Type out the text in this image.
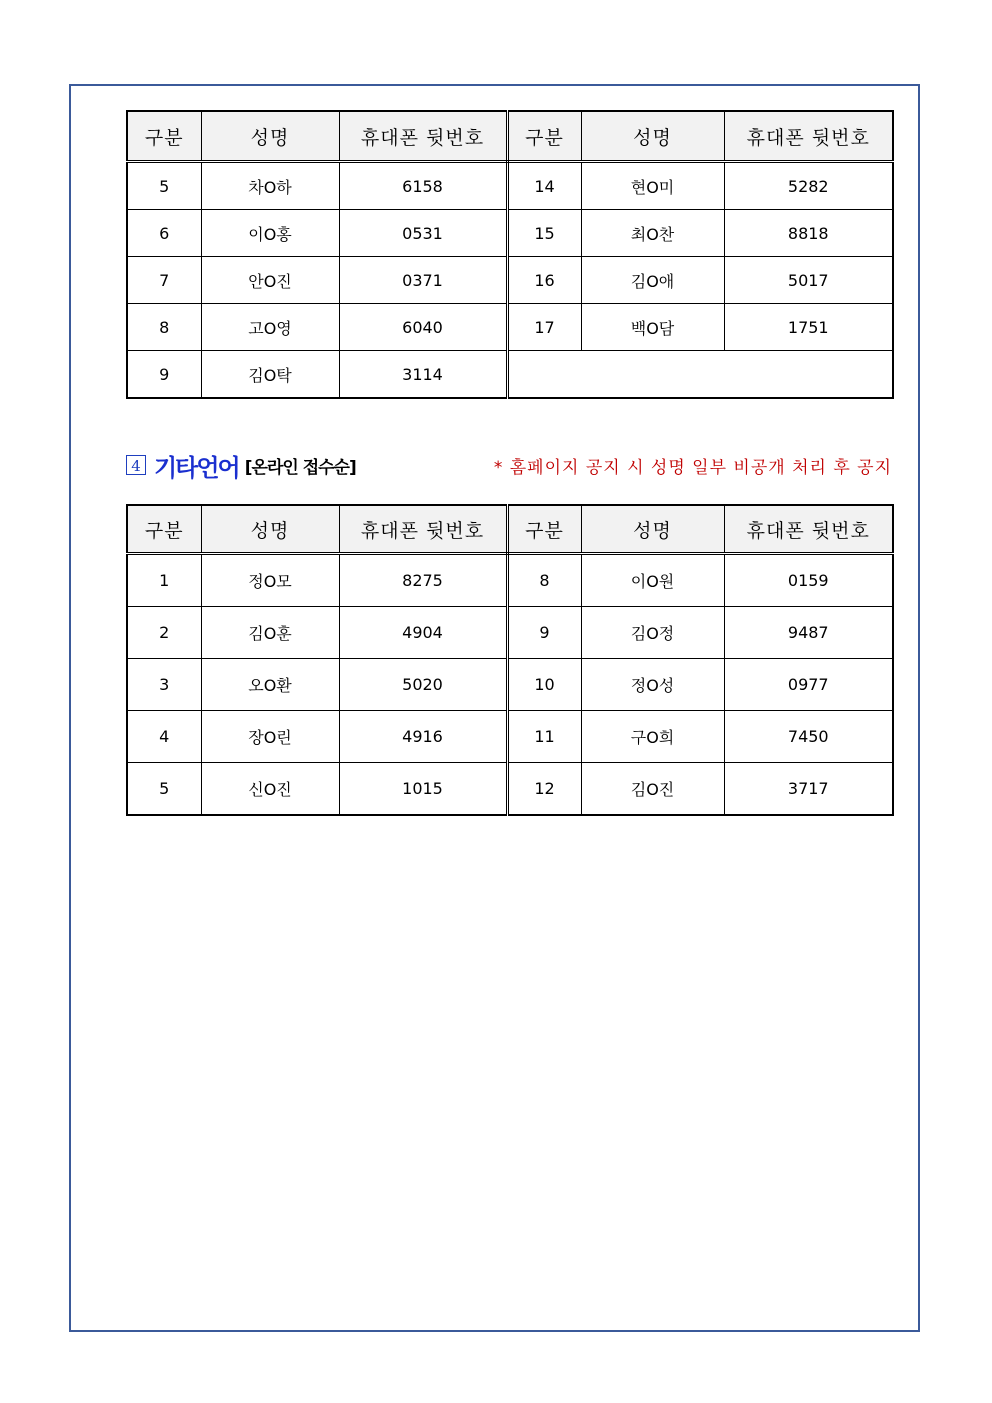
구분	성명	휴대폰 뒷번호	구분	성명	휴대폰 뒷번호
5	차O하	6158	14	현O미	5282
6	이O홍	0531	15	최O찬	8818
7	안O진	0371	16	김O애	5017
8	고O영	6040	17	백O담	1751
9	김O탁	3114			
4 기타언어 [온라인 접수순]	* 홈페이지 공지 시 성명 일부 비공개 처리 후 공지
구분	성명	휴대폰 뒷번호	구분	성명	휴대폰 뒷번호
1	정O모	8275	8	이O원	0159
2	김O훈	4904	9	김O정	9487
3	오O환	5020	10	정O성	0977
4	장O린	4916	11	구O희	7450
5	신O진	1015	12	김O진	3717
